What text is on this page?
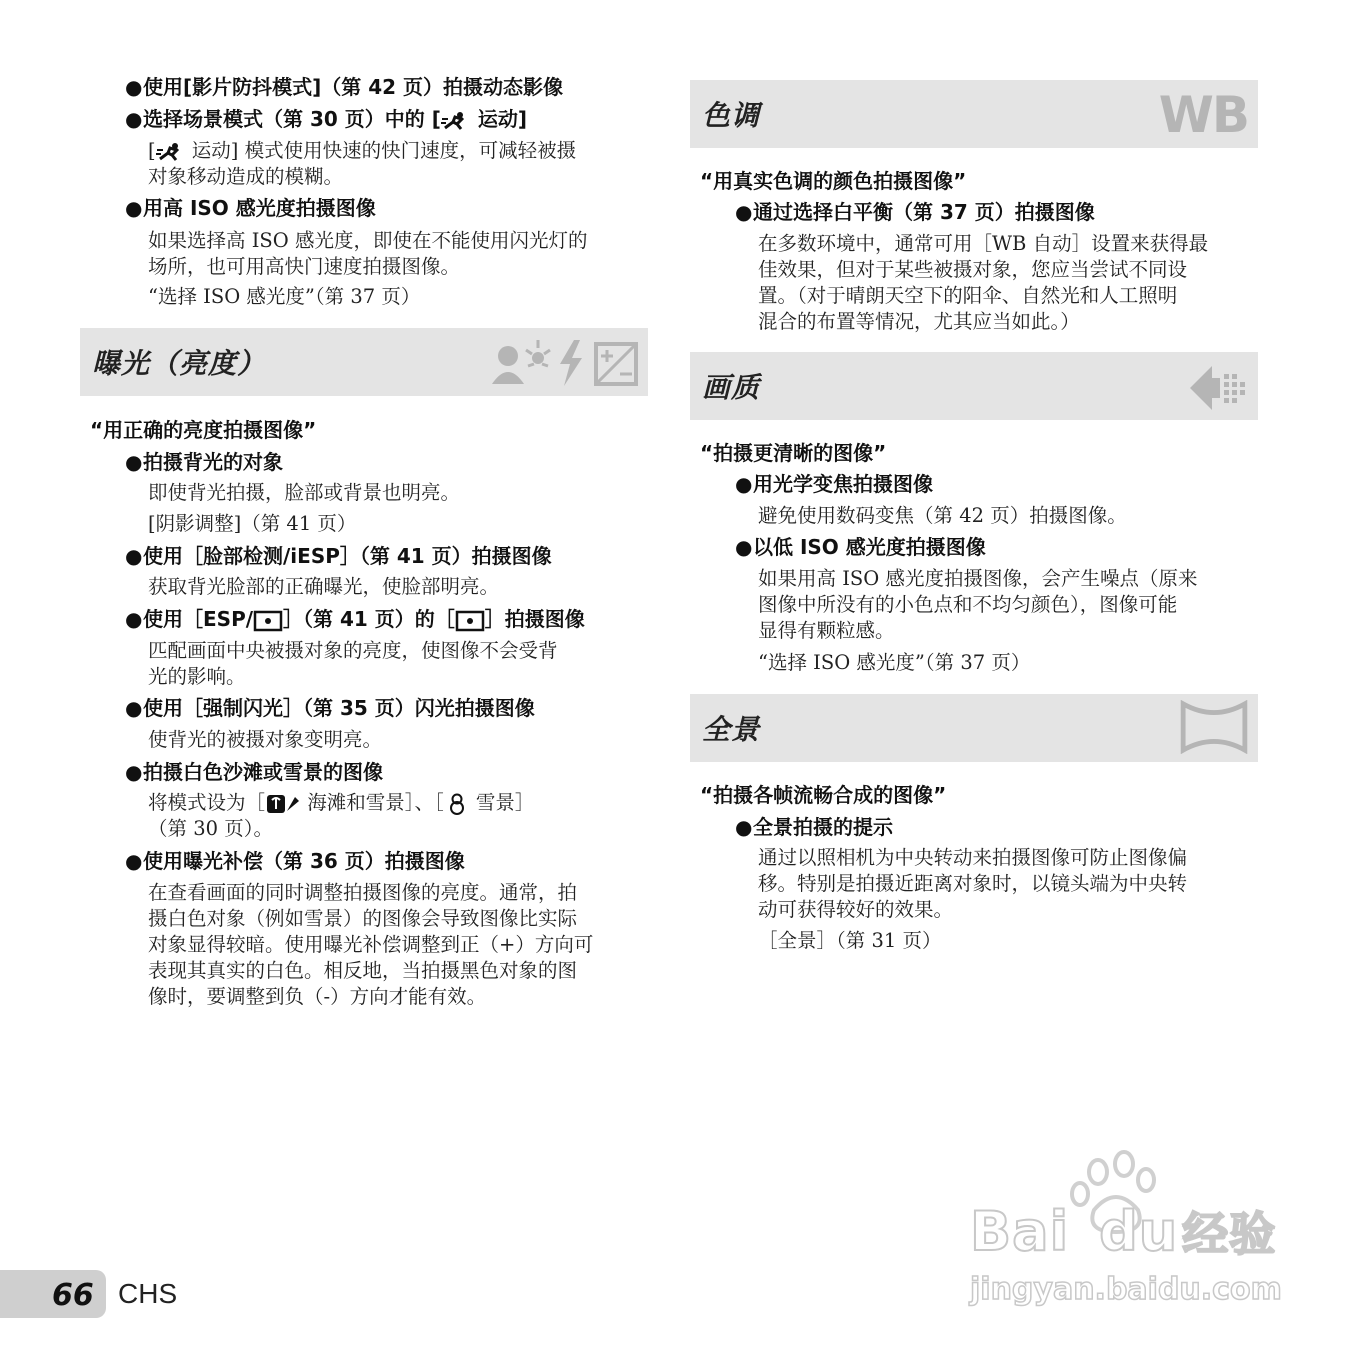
●使用[影片防抖模式]（第 42 页）拍摄动态影像
●选择场景模式（第 30 页）中的 [ 运动]
[ 运动] 模式使用快速的快门速度，可减轻被摄
对象移动造成的模糊。
●用高 ISO 感光度拍摄图像
如果选择高 ISO 感光度，即使在不能使用闪光灯的
场所，也可用高快门速度拍摄图像。
“选择 ISO 感光度”（第 37 页）
曝光（亮度）
“用正确的亮度拍摄图像”
●拍摄背光的对象
即使背光拍摄，脸部或背景也明亮。
[阴影调整]（第 41 页）
●使用［脸部检测/iESP］（第 41 页）拍摄图像
获取背光脸部的正确曝光，使脸部明亮。
●使用［ESP/ ］（第 41 页）的［ ］拍摄图像
匹配画面中央被摄对象的亮度，使图像不会受背
光的影响。
●使用［强制闪光］（第 35 页）闪光拍摄图像
使背光的被摄对象变明亮。
●拍摄白色沙滩或雪景的图像
将模式设为［ 海滩和雪景］、［ 雪景］
（第 30 页）。
●使用曝光补偿（第 36 页）拍摄图像
在查看画面的同时调整拍摄图像的亮度。通常，拍
摄白色对象（例如雪景）的图像会导致图像比实际
对象显得较暗。使用曝光补偿调整到正（+）方向可
表现其真实的白色。相反地，当拍摄黑色对象的图
像时，要调整到负（-）方向才能有效。
色调	WB
“用真实色调的颜色拍摄图像”
●通过选择白平衡（第 37 页）拍摄图像
在多数环境中，通常可用［WB 自动］设置来获得最
佳效果，但对于某些被摄对象，您应当尝试不同设
置。（对于晴朗天空下的阳伞、自然光和人工照明
混合的布置等情况，尤其应当如此。）
画质
“拍摄更清晰的图像”
●用光学变焦拍摄图像
避免使用数码变焦（第 42 页）拍摄图像。
●以低 ISO 感光度拍摄图像
如果用高 ISO 感光度拍摄图像，会产生噪点（原来
图像中所没有的小色点和不均匀颜色），图像可能
显得有颗粒感。
“选择 ISO 感光度”（第 37 页）
全景
“拍摄各帧流畅合成的图像”
●全景拍摄的提示
通过以照相机为中央转动来拍摄图像可防止图像偏
移。特别是拍摄近距离对象时，以镜头端为中央转
动可获得较好的效果。
［全景］（第 31 页）
66 CHS
Bai du经验
jingyan.baidu.com
